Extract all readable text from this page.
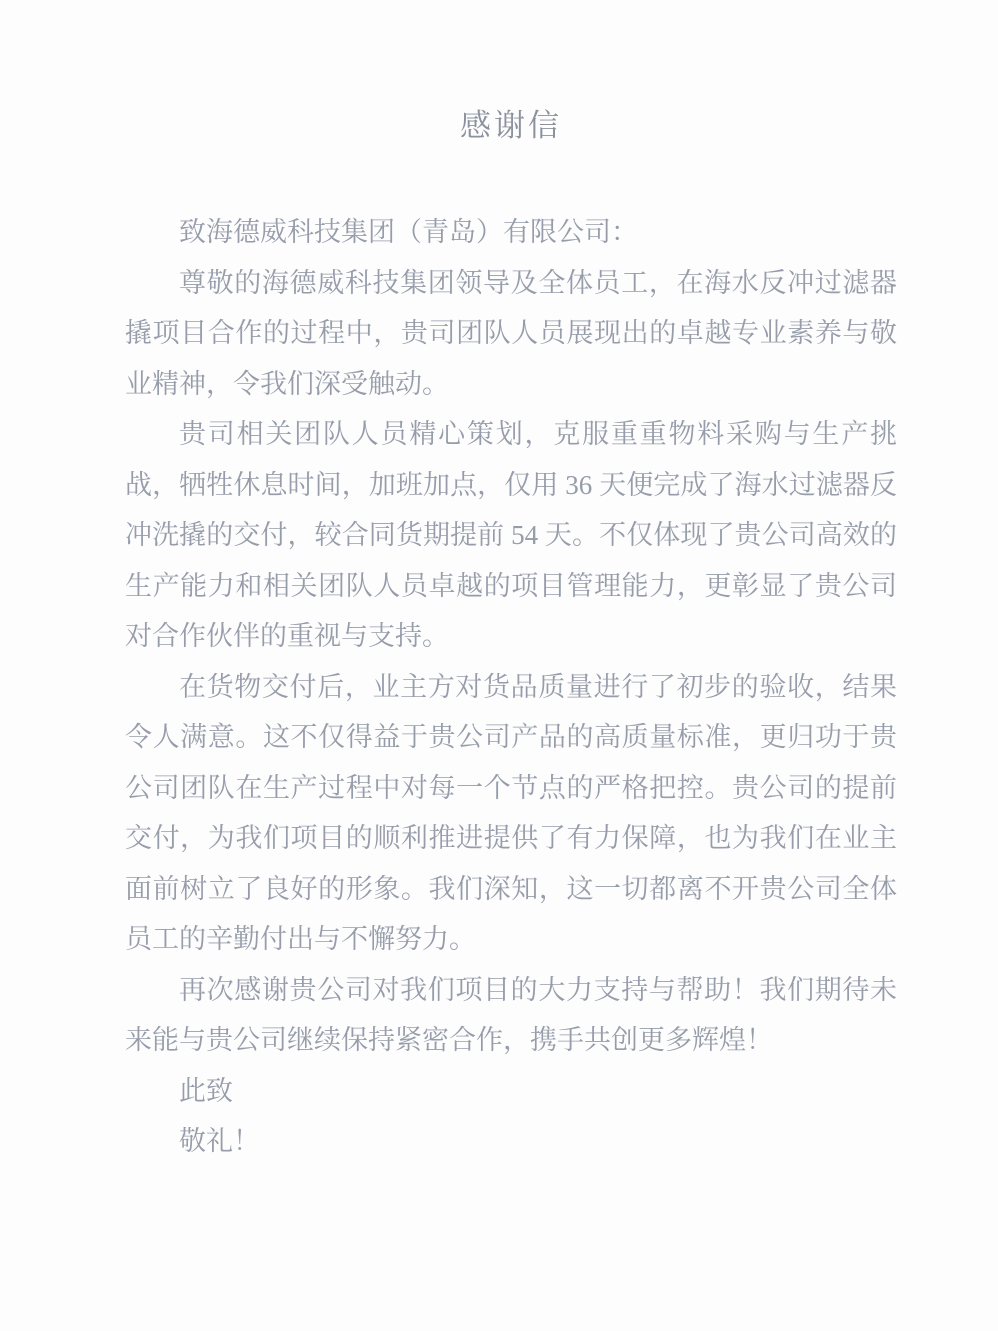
感谢信

致海德威科技集团（青岛）有限公司：

尊敬的海德威科技集团领导及全体员工，在海水反冲过滤器撬项目合作的过程中，贵司团队人员展现出的卓越专业素养与敬业精神，令我们深受触动。

贵司相关团队人员精心策划，克服重重物料采购与生产挑战，牺牲休息时间，加班加点，仅用 36 天便完成了海水过滤器反冲洗撬的交付，较合同货期提前 54 天。不仅体现了贵公司高效的生产能力和相关团队人员卓越的项目管理能力，更彰显了贵公司对合作伙伴的重视与支持。

在货物交付后，业主方对货品质量进行了初步的验收，结果令人满意。这不仅得益于贵公司产品的高质量标准，更归功于贵公司团队在生产过程中对每一个节点的严格把控。贵公司的提前交付，为我们项目的顺利推进提供了有力保障，也为我们在业主面前树立了良好的形象。我们深知，这一切都离不开贵公司全体员工的辛勤付出与不懈努力。

再次感谢贵公司对我们项目的大力支持与帮助！我们期待未来能与贵公司继续保持紧密合作，携手共创更多辉煌！

此致

敬礼！
